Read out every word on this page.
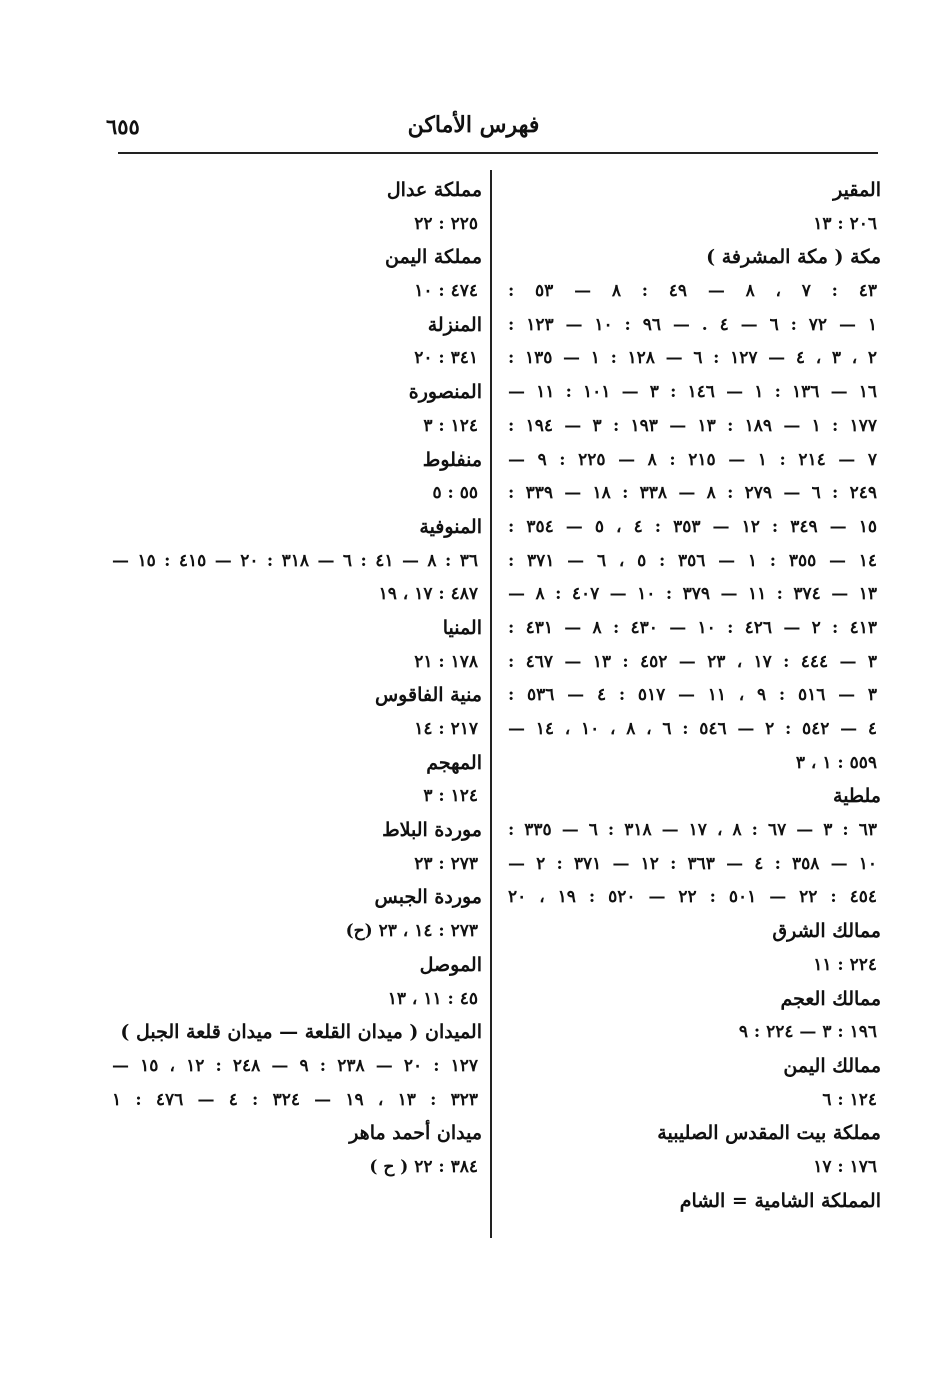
فهرس الأماكن
٦٥٥
المقير
٢٠٦ : ١٣
مكة ( مكة المشرفة )
٤٣ : ٧ ، ٨ — ٤٩ : ٨ — ٥٣ :
١ — ٧٢ : ٦ — ٤ . — ٩٦ : ١٠ — ١٢٣ :
٢ ، ٣ ، ٤ — ١٢٧ : ٦ — ١٢٨ : ١ — ١٣٥ :
١٦ — ١٣٦ : ١ — ١٤٦ : ٣ — ١٠١ : ١١ —
١٧٧ : ١ — ١٨٩ : ١٣ — ١٩٣ : ٣ — ١٩٤ :
٧ — ٢١٤ : ١ — ٢١٥ : ٨ — ٢٢٥ : ٩ —
٢٤٩ : ٦ — ٢٧٩ : ٨ — ٣٣٨ : ١٨ — ٣٣٩ :
١٥ — ٣٤٩ : ١٢ — ٣٥٣ : ٤ ، ٥ — ٣٥٤ :
١٤ — ٣٥٥ : ١ — ٣٥٦ : ٥ ، ٦ — ٣٧١ :
١٣ — ٣٧٤ : ١١ — ٣٧٩ : ١٠ — ٤٠٧ : ٨ —
٤١٣ : ٢ — ٤٢٦ : ١٠ — ٤٣٠ : ٨ — ٤٣١ :
٣ — ٤٤٤ : ١٧ ، ٢٣ — ٤٥٢ : ١٣ — ٤٦٧ :
٣ — ٥١٦ : ٩ ، ١١ — ٥١٧ : ٤ — ٥٣٦ :
٤ — ٥٤٢ : ٢ — ٥٤٦ : ٦ ، ٨ ، ١٠ ، ١٤ —
٥٥٩ : ١ ، ٣
ملطية
٦٣ : ٣ — ٦٧ : ٨ ، ١٧ — ٣١٨ : ٦ — ٣٣٥ :
١٠ — ٣٥٨ : ٤ — ٣٦٣ : ١٢ — ٣٧١ : ٢ —
٤٥٤ : ٢٢ — ٥٠١ : ٢٢ — ٥٢٠ : ١٩ ، ٢٠
ممالك الشرق
٢٢٤ : ١١
ممالك العجم
١٩٦ : ٣ — ٢٢٤ : ٩
ممالك اليمن
١٢٤ : ٦
مملكة بيت المقدس الصليبية
١٧٦ : ١٧
المملكة الشامية = الشام
مملكة عدال
٢٢٥ : ٢٢
مملكة اليمن
٤٧٤ : ١٠
المنزلة
٣٤١ : ٢٠
المنصورة
١٢٤ : ٣
منفلوط
٥٥ : ٥
المنوفية
٣٦ : ٨ — ٤١ : ٦ — ٣١٨ : ٢٠ — ٤١٥ : ١٥ —
٤٨٧ : ١٧ ، ١٩
المنيا
١٧٨ : ٢١
منية الفاقوس
٢١٧ : ١٤
المهجم
١٢٤ : ٣
موردة البلاط
٢٧٣ : ٢٣
موردة الجبس
٢٧٣ : ١٤ ، ٢٣ (ح)
الموصل
٤٥ : ١١ ، ١٣
الميدان ( ميدان القلعة — ميدان قلعة الجبل )
١٢٧ : ٢٠ — ٢٣٨ : ٩ — ٢٤٨ : ١٢ ، ١٥ —
٣٢٣ : ١٣ ، ١٩ — ٣٢٤ : ٤ — ٤٧٦ : ١
ميدان أحمد ماهر
٣٨٤ : ٢٢ ( ح )
